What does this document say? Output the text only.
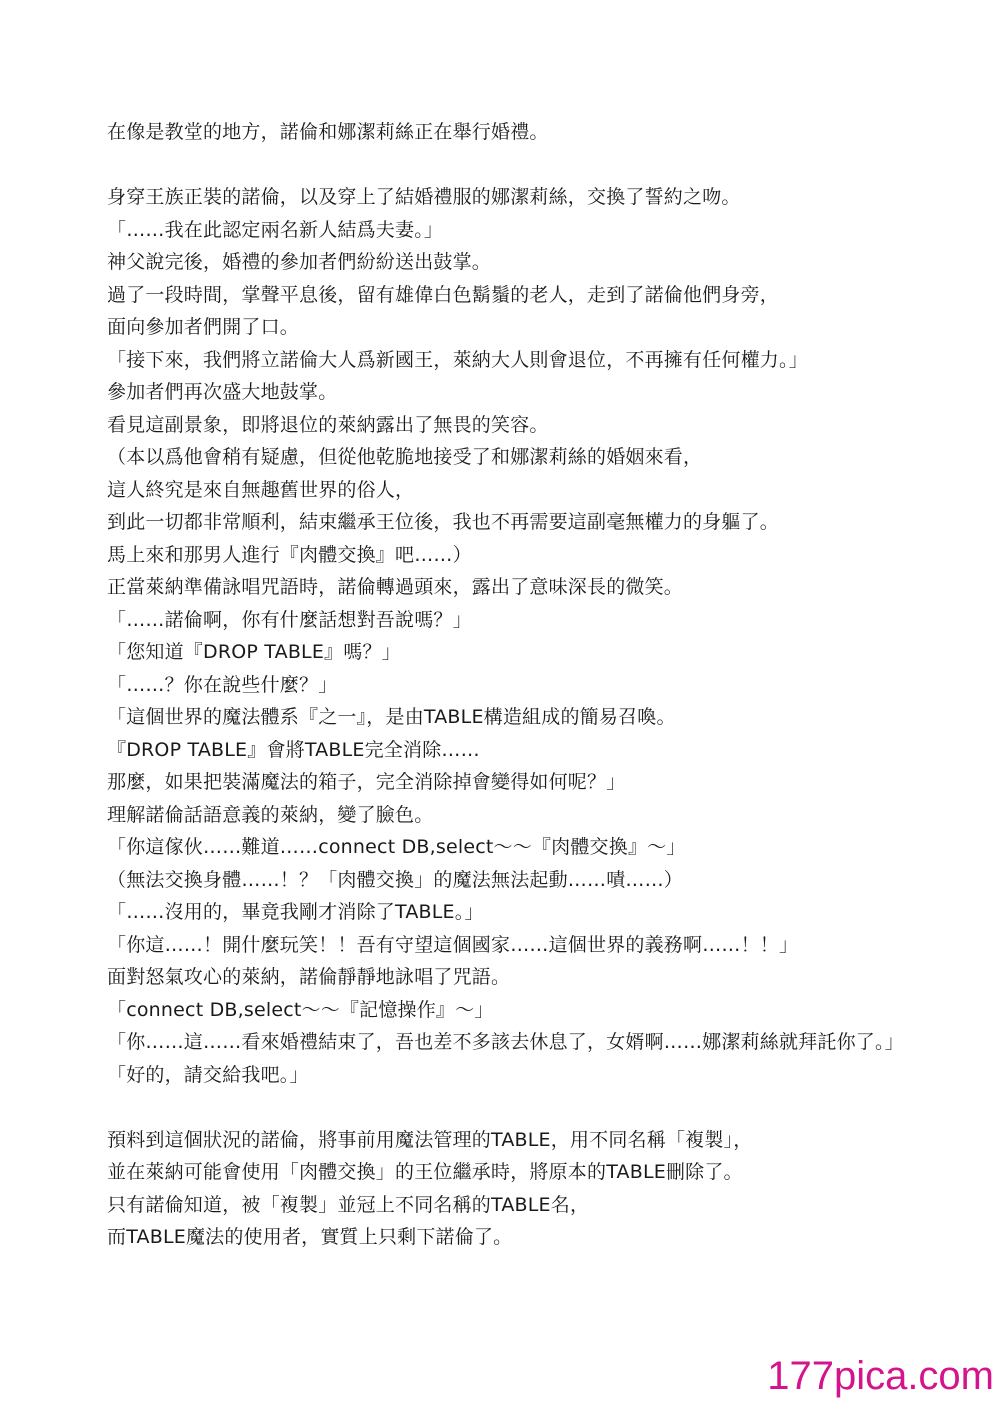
在像是教堂的地方，諾倫和娜潔莉絲正在舉行婚禮。
身穿王族正裝的諾倫，以及穿上了結婚禮服的娜潔莉絲，交換了誓約之吻。
「……我在此認定兩名新人結爲夫妻。」
神父說完後，婚禮的參加者們紛紛送出鼓掌。
過了一段時間，掌聲平息後，留有雄偉白色鬍鬚的老人，走到了諾倫他們身旁，
面向參加者們開了口。
「接下來，我們將立諾倫大人爲新國王，萊納大人則會退位，不再擁有任何權力。」
參加者們再次盛大地鼓掌。
看見這副景象，即將退位的萊納露出了無畏的笑容。
（本以爲他會稍有疑慮，但從他乾脆地接受了和娜潔莉絲的婚姻來看，
這人終究是來自無趣舊世界的俗人，
到此一切都非常順利，結束繼承王位後，我也不再需要這副毫無權力的身軀了。
馬上來和那男人進行『肉體交換』吧……）
正當萊納準備詠唱咒語時，諾倫轉過頭來，露出了意味深長的微笑。
「……諾倫啊，你有什麼話想對吾說嗎？」
「您知道『DROP TABLE』嗎？」
「……？你在說些什麼？」
「這個世界的魔法體系『之一』，是由TABLE構造組成的簡易召喚。
『DROP TABLE』會將TABLE完全消除……
那麼，如果把裝滿魔法的箱子，完全消除掉會變得如何呢？」
理解諾倫話語意義的萊納，變了臉色。
「你這傢伙……難道……connect DB,select～～『肉體交換』～」
（無法交換身體……！？「肉體交換」的魔法無法起動……嘖……）
「……沒用的，畢竟我剛才消除了TABLE。」
「你這……！開什麼玩笑！！吾有守望這個國家……這個世界的義務啊……！！」
面對怒氣攻心的萊納，諾倫靜靜地詠唱了咒語。
「connect DB,select～～『記憶操作』～」
「你……這……看來婚禮結束了，吾也差不多該去休息了，女婿啊……娜潔莉絲就拜託你了。」
「好的，請交給我吧。」
預料到這個狀況的諾倫，將事前用魔法管理的TABLE，用不同名稱「複製」，
並在萊納可能會使用「肉體交換」的王位繼承時，將原本的TABLE刪除了。
只有諾倫知道，被「複製」並冠上不同名稱的TABLE名，
而TABLE魔法的使用者，實質上只剩下諾倫了。
177pica.com
